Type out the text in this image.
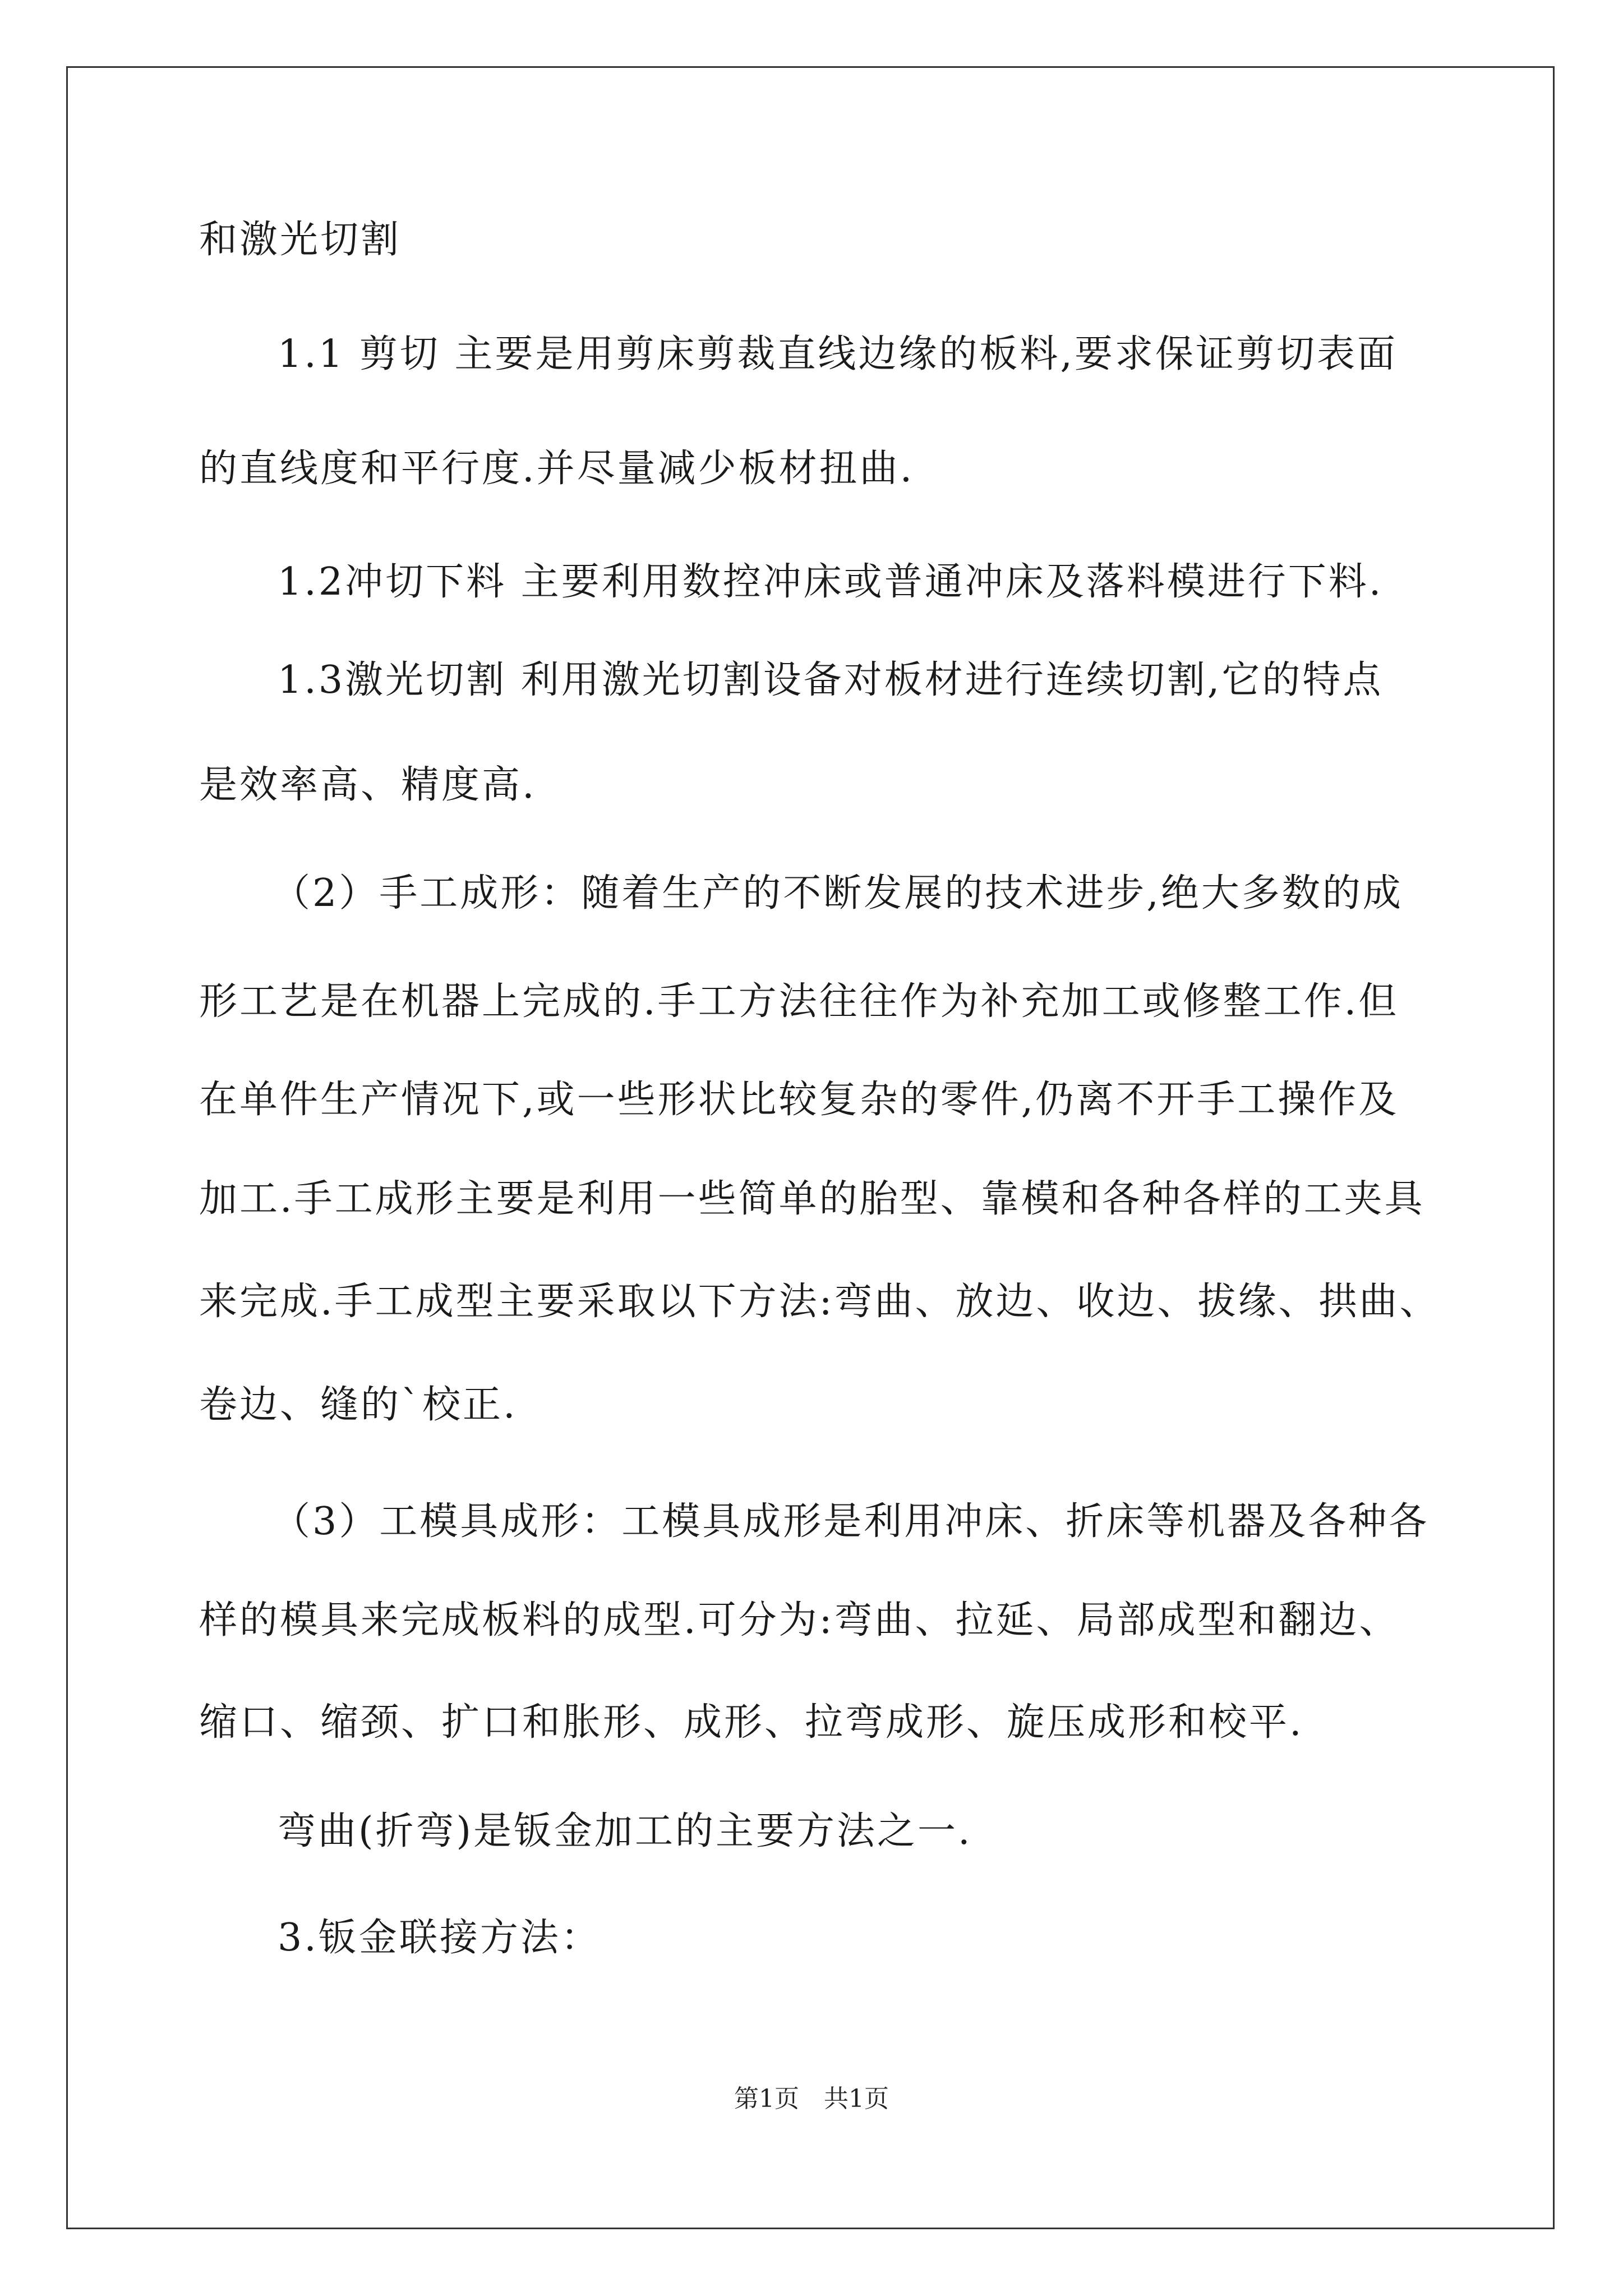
和激光切割
1.1 剪切 主要是用剪床剪裁直线边缘的板料,要求保证剪切表面
的直线度和平行度.并尽量减少板材扭曲.
1.2冲切下料 主要利用数控冲床或普通冲床及落料模进行下料.
1.3激光切割 利用激光切割设备对板材进行连续切割,它的特点
是效率高、精度高.
（2）手工成形：随着生产的不断发展的技术进步,绝大多数的成
形工艺是在机器上完成的.手工方法往往作为补充加工或修整工作.但
在单件生产情况下,或一些形状比较复杂的零件,仍离不开手工操作及
加工.手工成形主要是利用一些简单的胎型、靠模和各种各样的工夹具
来完成.手工成型主要采取以下方法:弯曲、放边、收边、拔缘、拱曲、
卷边、缝的`校正.
（3）工模具成形：工模具成形是利用冲床、折床等机器及各种各
样的模具来完成板料的成型.可分为:弯曲、拉延、局部成型和翻边、
缩口、缩颈、扩口和胀形、成形、拉弯成形、旋压成形和校平.
弯曲(折弯)是钣金加工的主要方法之一.
3.钣金联接方法：
第1页　共1页
